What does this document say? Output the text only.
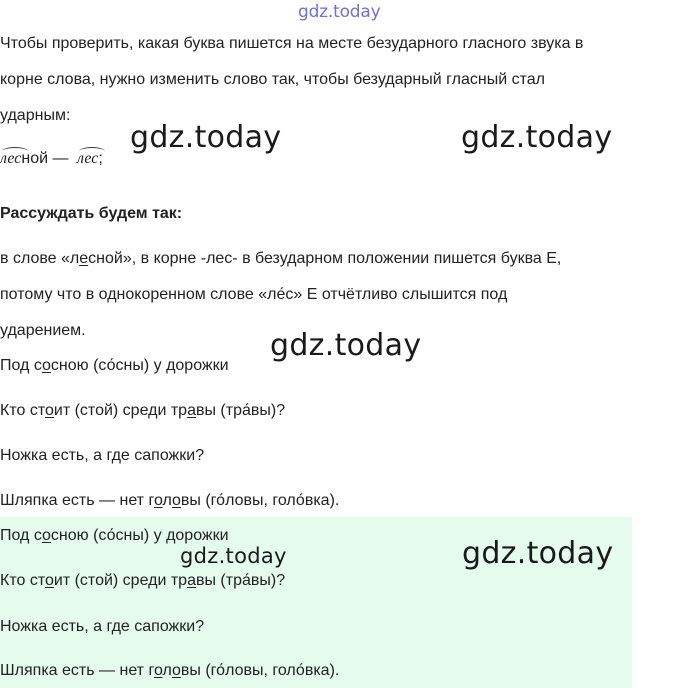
gdz.today
Чтобы проверить, какая буква пишется на месте безударного гласного звука в
корне слова, нужно изменить слово так, чтобы безударный гласный стал
ударным:
лесной — лес;
Рассуждать будем так:
в слове «лесной», в корне -лес- в безударном положении пишется буква Е,
потому что в однокоренном слове «ле́с» Е отчётливо слышится под
ударением.
Под сосною (со́сны) у дорожки
Кто стоит (стой) среди травы (тра́вы)?
Ножка есть, а где сапожки?
Шляпка есть — нет головы (го́ловы, голо́вка).
Под сосною (со́сны) у дорожки
Кто стоит (стой) среди травы (тра́вы)?
Ножка есть, а где сапожки?
Шляпка есть — нет головы (го́ловы, голо́вка).
gdz.today	gdz.today
gdz.today
gdz.today	gdz.today
